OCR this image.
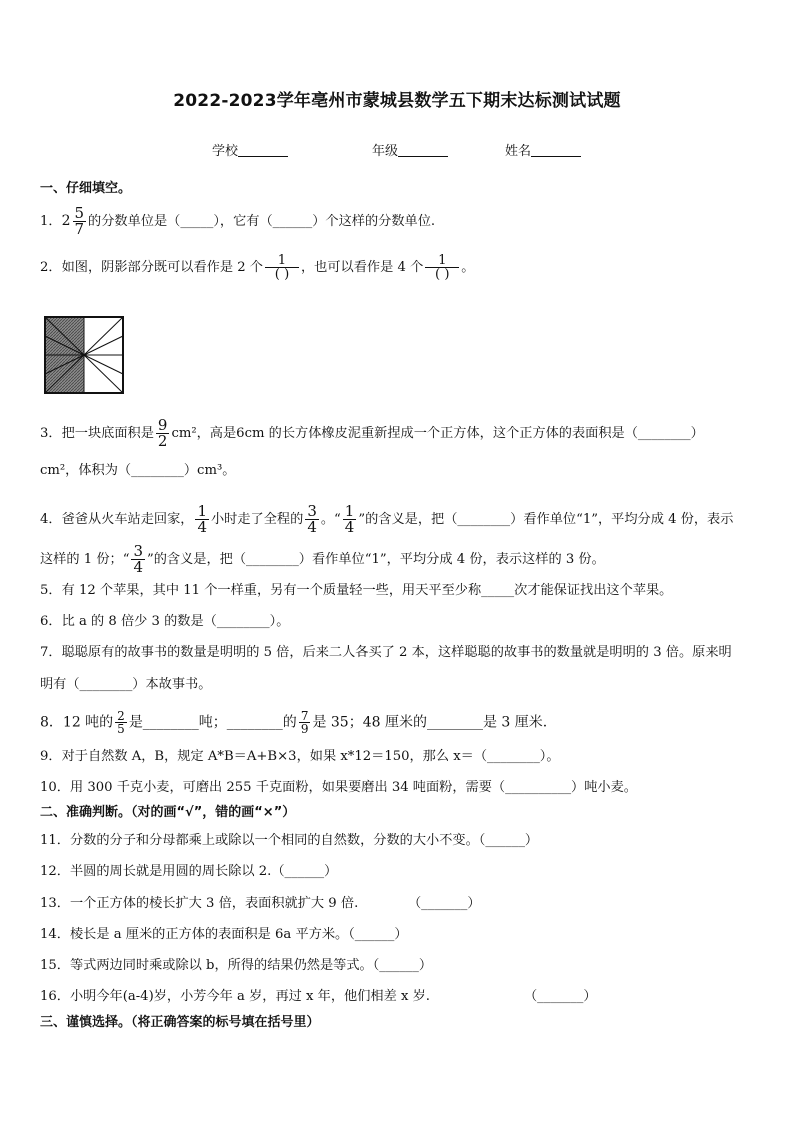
2022-2023学年亳州市蒙城县数学五下期末达标测试试题
学校	年级	姓名
一、仔细填空。
1．$2 \frac{5}{7}$ 的分数单位是（_____），它有（______）个这样的分数单位.
2．如图，阴影部分既可以看作是 2 个 $\frac{1}{( )}$ ，也可以看作是 4 个 $\frac{1}{( )}$ 。
3．把一块底面积是 $\frac{9}{2} cm^2$，高是6cm 的长方体橡皮泥重新捏成一个正方体，这个正方体的表面积是（________）
cm²，体积为（________）cm³。
4．爸爸从火车站走回家， $\frac{1}{4}$ 小时走了全程的 $\frac{3}{4}$ 。“ $\frac{1}{4}$ ”的含义是，把（________）看作单位“1”，平均分成 4 份，表示
这样的 1 份；“ $\frac{3}{4}$ ”的含义是，把（________）看作单位“1”，平均分成 4 份，表示这样的 3 份。
5．有 12 个苹果，其中 11 个一样重，另有一个质量轻一些，用天平至少称_____次才能保证找出这个苹果。
6．比 a 的 8 倍少 3 的数是（________）。
7．聪聪原有的故事书的数量是明明的 5 倍，后来二人各买了 2 本，这样聪聪的故事书的数量就是明明的 3 倍。原来明
明有（________）本故事书。
8．12 吨的 $\frac{2}{5}$ 是________吨；________的 $\frac{7}{9}$ 是 35；48 厘米的________是 3 厘米.
9．对于自然数 A，B，规定 A*B＝A+B×3，如果 x*12＝150，那么 x＝（________）。
10．用 300 千克小麦，可磨出 255 千克面粉，如果要磨出 34 吨面粉，需要（__________）吨小麦。
二、准确判断。（对的画“√”，错的画“×”）
11．分数的分子和分母都乘上或除以一个相同的自然数，分数的大小不变。（______）
12．半圆的周长就是用圆的周长除以 2.（______）
13．一个正方体的棱长扩大 3 倍，表面积就扩大 9 倍.	（_______）
14．棱长是 a 厘米的正方体的表面积是 6a 平方米。（______）
15．等式两边同时乘或除以 b，所得的结果仍然是等式。（______）
16．小明今年(a-4)岁，小芳今年 a 岁，再过 x 年，他们相差 x 岁.	（_______）
三、谨慎选择。（将正确答案的标号填在括号里）
